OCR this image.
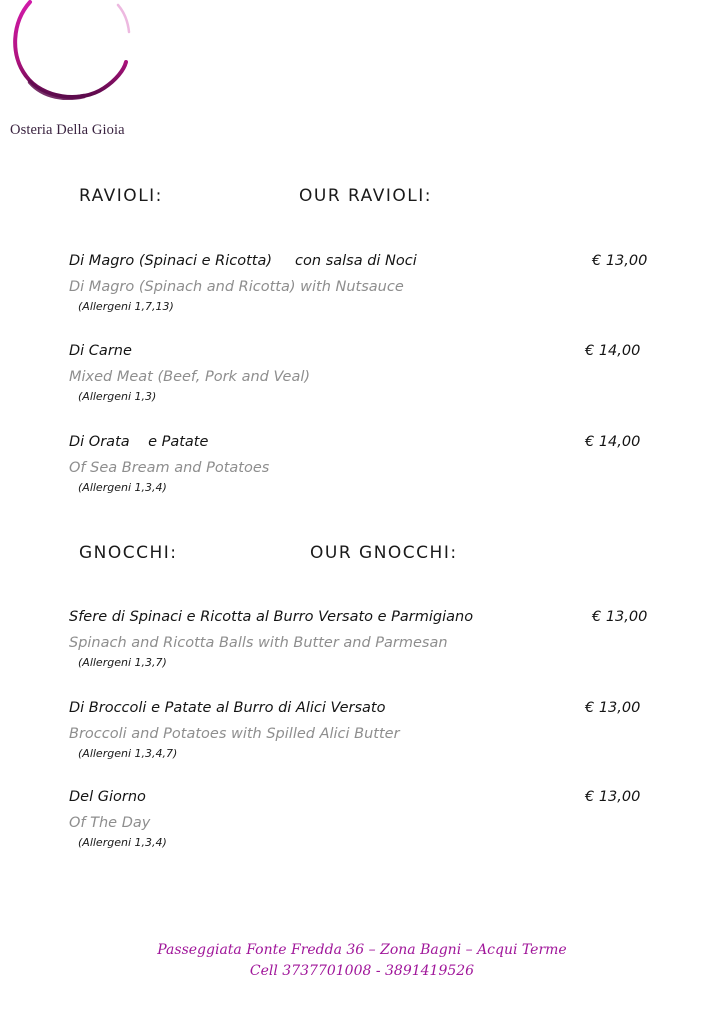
Osteria Della Gioia
RAVIOLI:	OUR RAVIOLI:
Di Magro (Spinaci e Ricotta)     con salsa di Noci
Di Magro (Spinach and Ricotta) with Nutsauce
(Allergeni 1,7,13)
€ 13,00
Di Carne
Mixed Meat (Beef, Pork and Veal)
(Allergeni 1,3)
€ 14,00
Di Orata    e Patate
Of Sea Bream and Potatoes
(Allergeni 1,3,4)
€ 14,00
GNOCCHI:	OUR GNOCCHI:
Sfere di Spinaci e Ricotta al Burro Versato e Parmigiano
Spinach and Ricotta Balls with Butter and Parmesan
(Allergeni 1,3,7)
€ 13,00
Di Broccoli e Patate al Burro di Alici Versato
Broccoli and Potatoes with Spilled Alici Butter
(Allergeni 1,3,4,7)
€ 13,00
Del Giorno
Of The Day
(Allergeni 1,3,4)
€ 13,00
Passeggiata Fonte Fredda 36 – Zona Bagni – Acqui Terme
Cell 3737701008 - 3891419526
